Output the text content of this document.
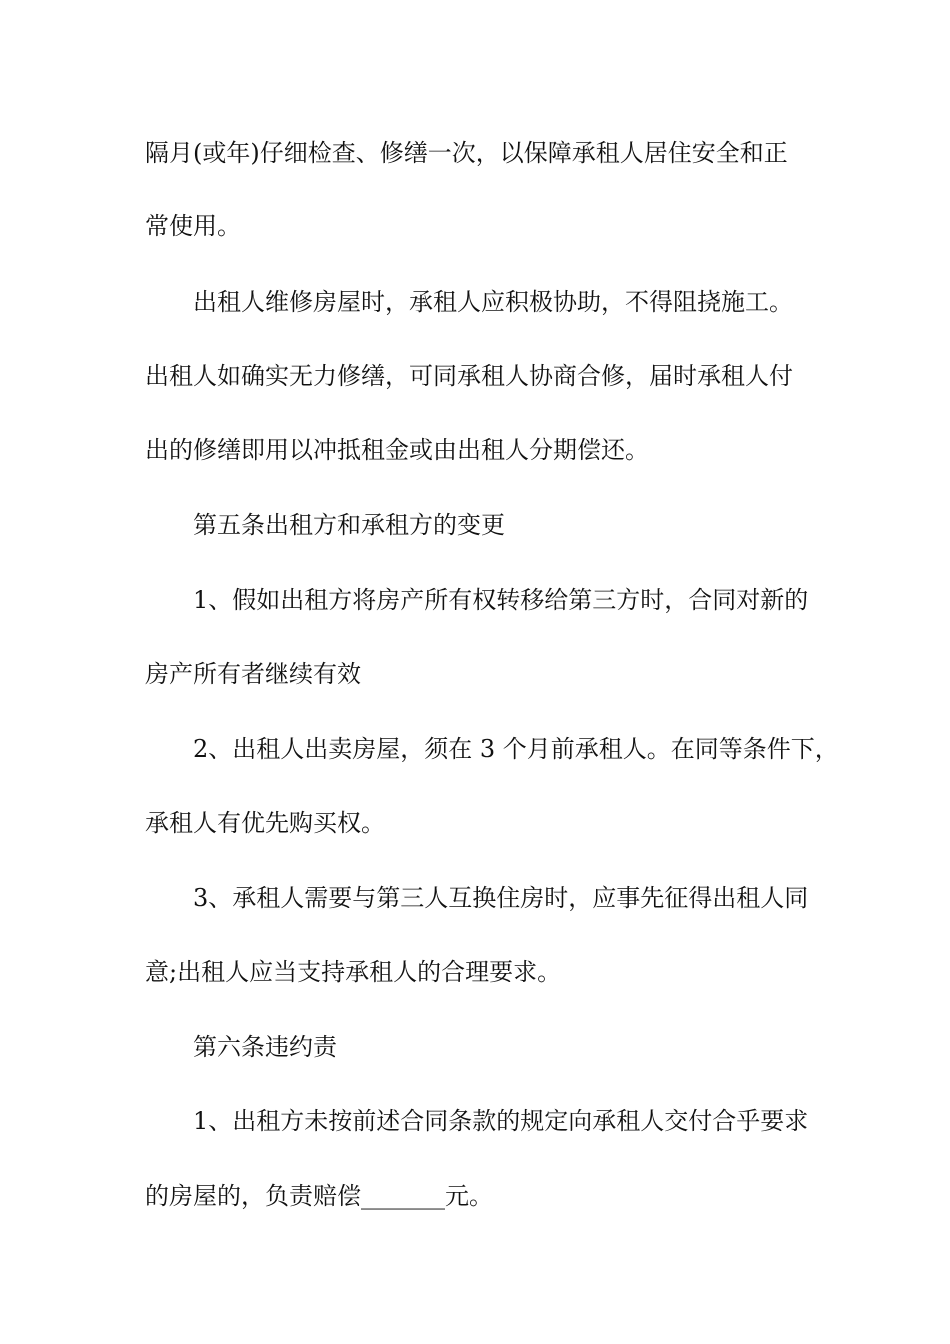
隔月(或年)仔细检查、修缮一次，以保障承租人居住安全和正
常使用。
出租人维修房屋时，承租人应积极协助，不得阻挠施工。
出租人如确实无力修缮，可同承租人协商合修，届时承租人付
出的修缮即用以冲抵租金或由出租人分期偿还。
第五条出租方和承租方的变更
1、假如出租方将房产所有权转移给第三方时，合同对新的
房产所有者继续有效
2、出租人出卖房屋，须在 3 个月前承租人。在同等条件下，
承租人有优先购买权。
3、承租人需要与第三人互换住房时，应事先征得出租人同
意;出租人应当支持承租人的合理要求。
第六条违约责
1、出租方未按前述合同条款的规定向承租人交付合乎要求
的房屋的，负责赔偿_______元。
